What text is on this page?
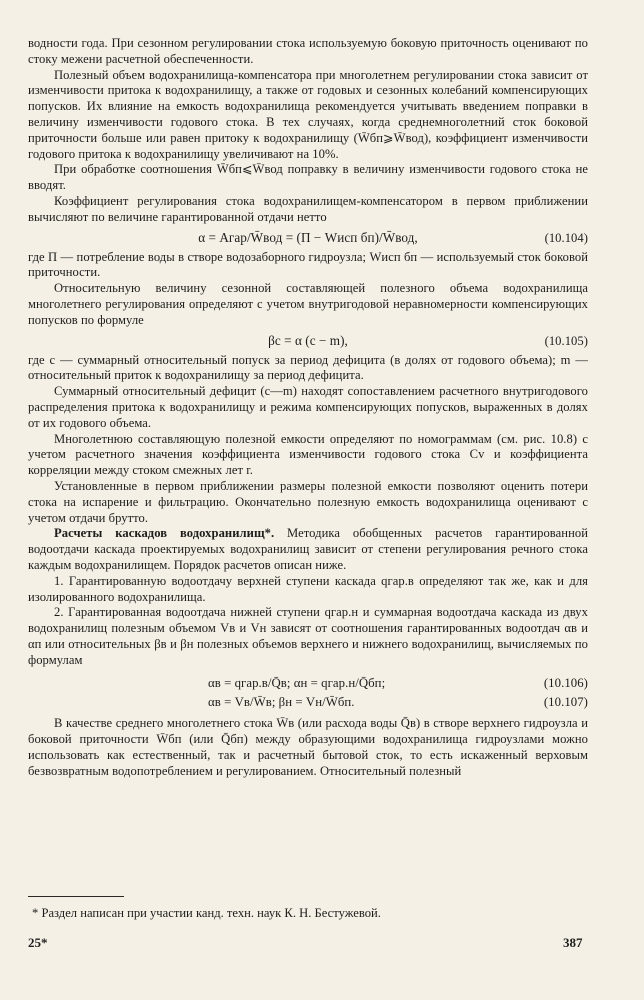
водности года. При сезонном регулировании стока используемую боковую приточность оценивают по стоку межени расчетной обеспеченности.

Полезный объем водохранилища-компенсатора при многолетнем регулировании стока зависит от изменчивости притока к водохранилищу, а также от годовых и сезонных колебаний компенсирующих попусков. Их влияние на емкость водохранилища рекомендуется учитывать введением поправки в величину изменчивости годового стока. В тех случаях, когда среднемноголетний сток боковой приточности больше или равен притоку к водохранилищу (W̄бп⩾W̄вод), коэффициент изменчивости годового притока к водохранилищу увеличивают на 10%.

При обработке соотношения W̄бп⩽W̄вод поправку в величину изменчивости годового стока не вводят.

Коэффициент регулирования стока водохранилищем-компенсатором в первом приближении вычисляют по величине гарантированной отдачи нетто

α = Aгар/W̄вод = (П − Wисп бп)/W̄вод,	(10.104)

где П — потребление воды в створе водозаборного гидроузла; Wисп бп — используемый сток боковой приточности.

Относительную величину сезонной составляющей полезного объема водохранилища многолетнего регулирования определяют с учетом внутригодовой неравномерности компенсирующих попусков по формуле

βс = α (c − m),	(10.105)

где c — суммарный относительный попуск за период дефицита (в долях от годового объема); m — относительный приток к водохранилищу за период дефицита.

Суммарный относительный дефицит (c—m) находят сопоставлением расчетного внутригодового распределения притока к водохранилищу и режима компенсирующих попусков, выраженных в долях от их годового объема.

Многолетнюю составляющую полезной емкости определяют по номограммам (см. рис. 10.8) с учетом расчетного значения коэффициента изменчивости годового стока Cv и коэффициента корреляции между стоком смежных лет r.

Установленные в первом приближении размеры полезной емкости позволяют оценить потери стока на испарение и фильтрацию. Окончательно полезную емкость водохранилища оценивают с учетом отдачи брутто.

Расчеты каскадов водохранилищ*. Методика обобщенных расчетов гарантированной водоотдачи каскада проектируемых водохранилищ зависит от степени регулирования речного стока каждым водохранилищем. Порядок расчетов описан ниже.

1. Гарантированную водоотдачу верхней ступени каскада qгар.в определяют так же, как и для изолированного водохранилища.

2. Гарантированная водоотдача нижней ступени qгар.н и суммарная водоотдача каскада из двух водохранилищ полезным объемом Vв и Vн зависят от соотношения гарантированных водоотдач αв и αп или относительных βв и βн полезных объемов верхнего и нижнего водохранилищ, вычисляемых по формулам

αв = qгар.в/Q̄в; αн = qгар.н/Q̄бп;	(10.106)
αв = Vв/W̄в; βн = Vн/W̄бп.	(10.107)

В качестве среднего многолетнего стока W̄в (или расхода воды Q̄в) в створе верхнего гидроузла и боковой приточности W̄бп (или Q̄бп) между образующими водохранилища гидроузлами можно использовать как естественный, так и расчетный бытовой сток, то есть искаженный верховым безвозвратным водопотреблением и регулированием. Относительный полезный

* Раздел написан при участии канд. техн. наук К. Н. Бестужевой.
25*	387
